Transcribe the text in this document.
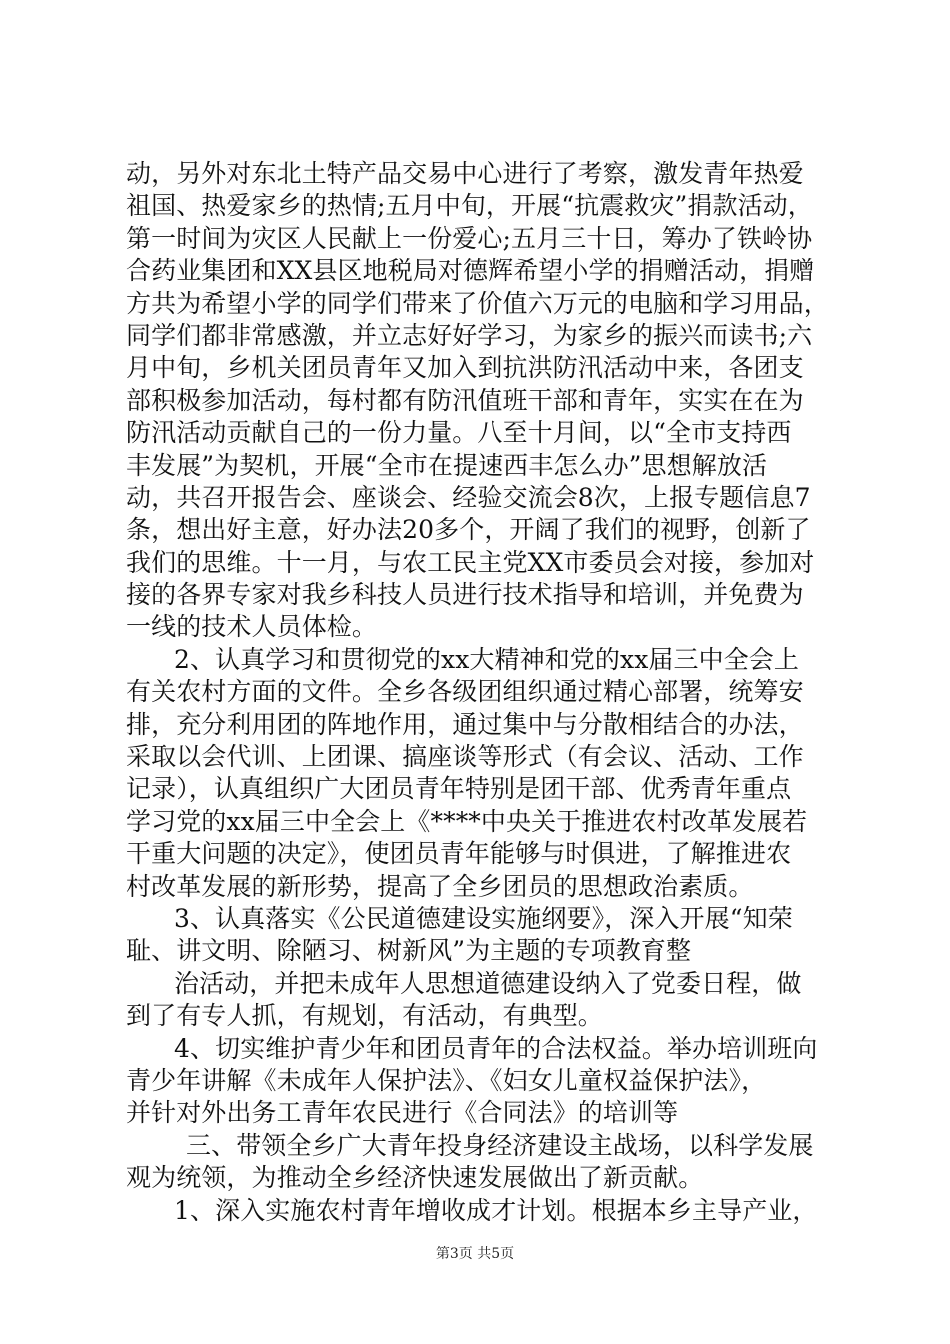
动，另外对东北土特产品交易中心进行了考察，激发青年热爱
祖国、热爱家乡的热情;五月中旬，开展“抗震救灾”捐款活动，
第一时间为灾区人民献上一份爱心;五月三十日，筹办了铁岭协
合药业集团和XX县区地税局对德辉希望小学的捐赠活动，捐赠
方共为希望小学的同学们带来了价值六万元的电脑和学习用品，
同学们都非常感激，并立志好好学习，为家乡的振兴而读书;六
月中旬，乡机关团员青年又加入到抗洪防汛活动中来，各团支
部积极参加活动，每村都有防汛值班干部和青年，实实在在为
防汛活动贡献自己的一份力量。八至十月间，以“全市支持西
丰发展”为契机，开展“全市在提速西丰怎么办”思想解放活
动，共召开报告会、座谈会、经验交流会8次，上报专题信息7
条，想出好主意，好办法20多个，开阔了我们的视野，创新了
我们的思维。十一月，与农工民主党XX市委员会对接，参加对
接的各界专家对我乡科技人员进行技术指导和培训，并免费为
一线的技术人员体检。
2、认真学习和贯彻党的xx大精神和党的xx届三中全会上
有关农村方面的文件。全乡各级团组织通过精心部署，统筹安
排，充分利用团的阵地作用，通过集中与分散相结合的办法，
采取以会代训、上团课、搞座谈等形式（有会议、活动、工作
记录），认真组织广大团员青年特别是团干部、优秀青年重点
学习党的xx届三中全会上《****中央关于推进农村改革发展若
干重大问题的决定》，使团员青年能够与时俱进，了解推进农
村改革发展的新形势，提高了全乡团员的思想政治素质。
3、认真落实《公民道德建设实施纲要》，深入开展“知荣
耻、讲文明、除陋习、树新风”为主题的专项教育整
治活动，并把未成年人思想道德建设纳入了党委日程，做
到了有专人抓，有规划，有活动，有典型。
4、切实维护青少年和团员青年的合法权益。举办培训班向
青少年讲解《未成年人保护法》、《妇女儿童权益保护法》，
并针对外出务工青年农民进行《合同法》的培训等
三、带领全乡广大青年投身经济建设主战场，以科学发展
观为统领，为推动全乡经济快速发展做出了新贡献。
1、深入实施农村青年增收成才计划。根据本乡主导产业，
第3页 共5页
